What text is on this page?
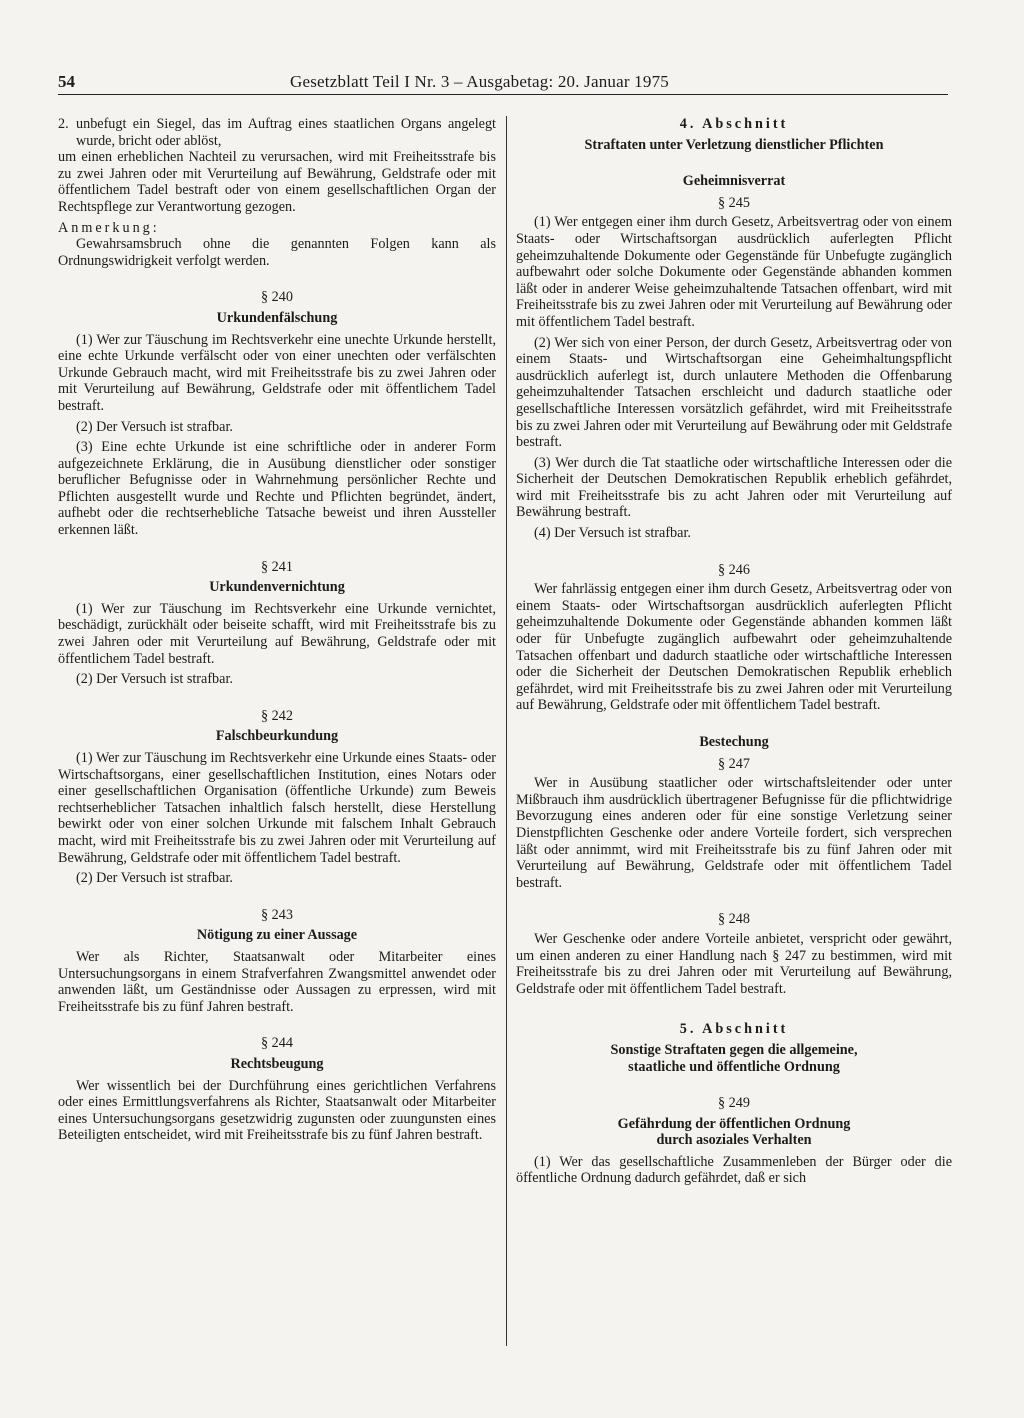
54	Gesetzblatt Teil I Nr. 3 – Ausgabetag: 20. Januar 1975
2. unbefugt ein Siegel, das im Auftrag eines staatlichen Organs angelegt wurde, bricht oder ablöst,

um einen erheblichen Nachteil zu verursachen, wird mit Freiheitsstrafe bis zu zwei Jahren oder mit Verurteilung auf Bewährung, Geldstrafe oder mit öffentlichem Tadel bestraft oder von einem gesellschaftlichen Organ der Rechtspflege zur Verantwortung gezogen.

Anmerkung:

Gewahrsamsbruch ohne die genannten Folgen kann als Ordnungswidrigkeit verfolgt werden.

§ 240
Urkundenfälschung

(1) Wer zur Täuschung im Rechtsverkehr eine unechte Urkunde herstellt, eine echte Urkunde verfälscht oder von einer unechten oder verfälschten Urkunde Gebrauch macht, wird mit Freiheitsstrafe bis zu zwei Jahren oder mit Verurteilung auf Bewährung, Geldstrafe oder mit öffentlichem Tadel bestraft.

(2) Der Versuch ist strafbar.

(3) Eine echte Urkunde ist eine schriftliche oder in anderer Form aufgezeichnete Erklärung, die in Ausübung dienstlicher oder sonstiger beruflicher Befugnisse oder in Wahrnehmung persönlicher Rechte und Pflichten ausgestellt wurde und Rechte und Pflichten begründet, ändert, aufhebt oder die rechtserhebliche Tatsache beweist und ihren Aussteller erkennen läßt.

§ 241
Urkundenvernichtung

(1) Wer zur Täuschung im Rechtsverkehr eine Urkunde vernichtet, beschädigt, zurückhält oder beiseite schafft, wird mit Freiheitsstrafe bis zu zwei Jahren oder mit Verurteilung auf Bewährung, Geldstrafe oder mit öffentlichem Tadel bestraft.

(2) Der Versuch ist strafbar.

§ 242
Falschbeurkundung

(1) Wer zur Täuschung im Rechtsverkehr eine Urkunde eines Staats- oder Wirtschaftsorgans, einer gesellschaftlichen Institution, eines Notars oder einer gesellschaftlichen Organisation (öffentliche Urkunde) zum Beweis rechtserheblicher Tatsachen inhaltlich falsch herstellt, diese Herstellung bewirkt oder von einer solchen Urkunde mit falschem Inhalt Gebrauch macht, wird mit Freiheitsstrafe bis zu zwei Jahren oder mit Verurteilung auf Bewährung, Geldstrafe oder mit öffentlichem Tadel bestraft.

(2) Der Versuch ist strafbar.

§ 243
Nötigung zu einer Aussage

Wer als Richter, Staatsanwalt oder Mitarbeiter eines Untersuchungsorgans in einem Strafverfahren Zwangsmittel anwendet oder anwenden läßt, um Geständnisse oder Aussagen zu erpressen, wird mit Freiheitsstrafe bis zu fünf Jahren bestraft.

§ 244
Rechtsbeugung

Wer wissentlich bei der Durchführung eines gerichtlichen Verfahrens oder eines Ermittlungsverfahrens als Richter, Staatsanwalt oder Mitarbeiter eines Untersuchungsorgans gesetzwidrig zugunsten oder zuungunsten eines Beteiligten entscheidet, wird mit Freiheitsstrafe bis zu fünf Jahren bestraft.

4. Abschnitt
Straftaten unter Verletzung dienstlicher Pflichten
Geheimnisverrat
§ 245

(1) Wer entgegen einer ihm durch Gesetz, Arbeitsvertrag oder von einem Staats- oder Wirtschaftsorgan ausdrücklich auferlegten Pflicht geheimzuhaltende Dokumente oder Gegenstände für Unbefugte zugänglich aufbewahrt oder solche Dokumente oder Gegenstände abhanden kommen läßt oder in anderer Weise geheimzuhaltende Tatsachen offenbart, wird mit Freiheitsstrafe bis zu zwei Jahren oder mit Verurteilung auf Bewährung oder mit öffentlichem Tadel bestraft.

(2) Wer sich von einer Person, der durch Gesetz, Arbeitsvertrag oder von einem Staats- und Wirtschaftsorgan eine Geheimhaltungspflicht ausdrücklich auferlegt ist, durch unlautere Methoden die Offenbarung geheimzuhaltender Tatsachen erschleicht und dadurch staatliche oder gesellschaftliche Interessen vorsätzlich gefährdet, wird mit Freiheitsstrafe bis zu zwei Jahren oder mit Verurteilung auf Bewährung oder mit Geldstrafe bestraft.

(3) Wer durch die Tat staatliche oder wirtschaftliche Interessen oder die Sicherheit der Deutschen Demokratischen Republik erheblich gefährdet, wird mit Freiheitsstrafe bis zu acht Jahren oder mit Verurteilung auf Bewährung bestraft.

(4) Der Versuch ist strafbar.

§ 246

Wer fahrlässig entgegen einer ihm durch Gesetz, Arbeitsvertrag oder von einem Staats- oder Wirtschaftsorgan ausdrücklich auferlegten Pflicht geheimzuhaltende Dokumente oder Gegenstände abhanden kommen läßt oder für Unbefugte zugänglich aufbewahrt oder geheimzuhaltende Tatsachen offenbart und dadurch staatliche oder wirtschaftliche Interessen oder die Sicherheit der Deutschen Demokratischen Republik erheblich gefährdet, wird mit Freiheitsstrafe bis zu zwei Jahren oder mit Verurteilung auf Bewährung, Geldstrafe oder mit öffentlichem Tadel bestraft.

Bestechung
§ 247

Wer in Ausübung staatlicher oder wirtschaftsleitender oder unter Mißbrauch ihm ausdrücklich übertragener Befugnisse für die pflichtwidrige Bevorzugung eines anderen oder für eine sonstige Verletzung seiner Dienstpflichten Geschenke oder andere Vorteile fordert, sich versprechen läßt oder annimmt, wird mit Freiheitsstrafe bis zu fünf Jahren oder mit Verurteilung auf Bewährung, Geldstrafe oder mit öffentlichem Tadel bestraft.

§ 248

Wer Geschenke oder andere Vorteile anbietet, verspricht oder gewährt, um einen anderen zu einer Handlung nach § 247 zu bestimmen, wird mit Freiheitsstrafe bis zu drei Jahren oder mit Verurteilung auf Bewährung, Geldstrafe oder mit öffentlichem Tadel bestraft.

5. Abschnitt
Sonstige Straftaten gegen die allgemeine,
staatliche und öffentliche Ordnung
§ 249
Gefährdung der öffentlichen Ordnung
durch asoziales Verhalten

(1) Wer das gesellschaftliche Zusammenleben der Bürger oder die öffentliche Ordnung dadurch gefährdet, daß er sich
